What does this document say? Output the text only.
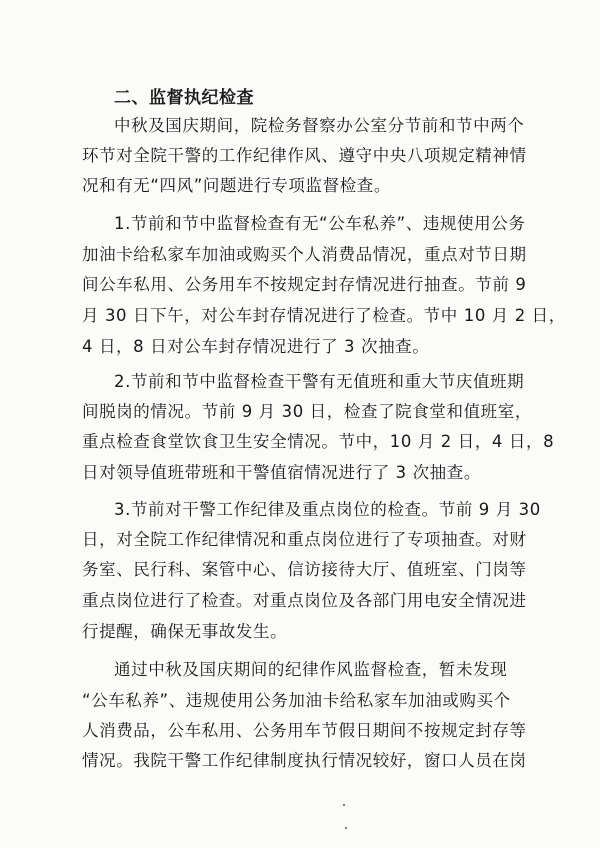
二、监督执纪检查
中秋及国庆期间，院检务督察办公室分节前和节中两个
环节对全院干警的工作纪律作风、遵守中央八项规定精神情
况和有无“四风”问题进行专项监督检查。
1.节前和节中监督检查有无“公车私养”、违规使用公务
加油卡给私家车加油或购买个人消费品情况，重点对节日期
间公车私用、公务用车不按规定封存情况进行抽查。节前 9
月 30 日下午，对公车封存情况进行了检查。节中 10 月 2 日，
4 日，8 日对公车封存情况进行了 3 次抽查。
2.节前和节中监督检查干警有无值班和重大节庆值班期
间脱岗的情况。节前 9 月 30 日，检查了院食堂和值班室，
重点检查食堂饮食卫生安全情况。节中，10 月 2 日，4 日，8
日对领导值班带班和干警值宿情况进行了 3 次抽查。
3.节前对干警工作纪律及重点岗位的检查。节前 9 月 30
日，对全院工作纪律情况和重点岗位进行了专项抽查。对财
务室、民行科、案管中心、信访接待大厅、值班室、门岗等
重点岗位进行了检查。对重点岗位及各部门用电安全情况进
行提醒，确保无事故发生。
通过中秋及国庆期间的纪律作风监督检查，暂未发现
“公车私养”、违规使用公务加油卡给私家车加油或购买个
人消费品，公车私用、公务用车节假日期间不按规定封存等
情况。我院干警工作纪律制度执行情况较好，窗口人员在岗
